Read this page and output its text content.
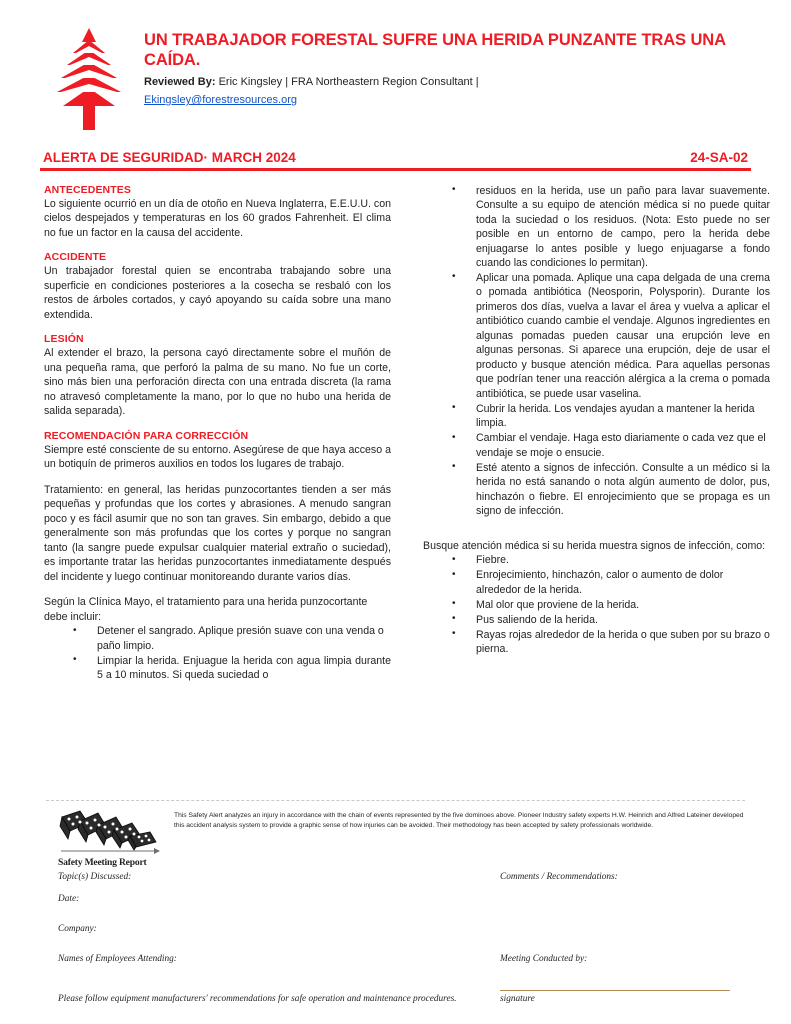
UN TRABAJADOR FORESTAL SUFRE UNA HERIDA PUNZANTE TRAS UNA CAÍDA.
Reviewed By: Eric Kingsley | FRA Northeastern Region Consultant |
Ekingsley@forestresources.org
ALERTA DE SEGURIDAD· MARCH 2024	24-SA-02
ANTECEDENTES
Lo siguiente ocurrió en un día de otoño en Nueva Inglaterra, E.E.U.U. con cielos despejados y temperaturas en los 60 grados Fahrenheit. El clima no fue un factor en la causa del accidente.
ACCIDENTE
Un trabajador forestal quien se encontraba trabajando sobre una superficie en condiciones posteriores a la cosecha se resbaló con los restos de árboles cortados, y cayó apoyando su caída sobre una mano extendida.
LESIÓN
Al extender el brazo, la persona cayó directamente sobre el muñón de una pequeña rama, que perforó la palma de su mano. No fue un corte, sino más bien una perforación directa con una entrada discreta (la rama no atravesó completamente la mano, por lo que no hubo una herida de salida separada).
RECOMENDACIÓN PARA CORRECCIÓN
Siempre esté consciente de su entorno. Asegúrese de que haya acceso a un botiquín de primeros auxilios en todos los lugares de trabajo.
Tratamiento: en general, las heridas punzocortantes tienden a ser más pequeñas y profundas que los cortes y abrasiones. A menudo sangran poco y es fácil asumir que no son tan graves. Sin embargo, debido a que generalmente son más profundas que los cortes y porque no sangran tanto (la sangre puede expulsar cualquier material extraño o suciedad), es importante tratar las heridas punzocortantes inmediatamente después del incidente y luego continuar monitoreando durante varios días.
Según la Clínica Mayo, el tratamiento para una herida punzocortante debe incluir:
• Detener el sangrado. Aplique presión suave con una venda o paño limpio.
• Limpiar la herida. Enjuague la herida con agua limpia durante 5 a 10 minutos. Si queda suciedad o
• residuos en la herida, use un paño para lavar suavemente. Consulte a su equipo de atención médica si no puede quitar toda la suciedad o los residuos. (Nota: Esto puede no ser posible en un entorno de campo, pero la herida debe enjuagarse lo antes posible y luego enjuagarse a fondo cuando las condiciones lo permitan).
• Aplicar una pomada. Aplique una capa delgada de una crema o pomada antibiótica (Neosporin, Polysporin). Durante los primeros dos días, vuelva a lavar el área y vuelva a aplicar el antibiótico cuando cambie el vendaje. Algunos ingredientes en algunas pomadas pueden causar una erupción leve en algunas personas. Si aparece una erupción, deje de usar el producto y busque atención médica. Para aquellas personas que podrían tener una reacción alérgica a la crema o pomada antibiótica, se puede usar vaselina.
• Cubrir la herida. Los vendajes ayudan a mantener la herida limpia.
• Cambiar el vendaje. Haga esto diariamente o cada vez que el vendaje se moje o ensucie.
• Esté atento a signos de infección. Consulte a un médico si la herida no está sanando o nota algún aumento de dolor, pus, hinchazón o fiebre. El enrojecimiento que se propaga es un signo de infección.
Busque atención médica si su herida muestra signos de infección, como:
• Fiebre.
• Enrojecimiento, hinchazón, calor o aumento de dolor alrededor de la herida.
• Mal olor que proviene de la herida.
• Pus saliendo de la herida.
• Rayas rojas alrededor de la herida o que suben por su brazo o pierna.
Safety Meeting Report
This Safety Alert analyzes an injury in accordance with the chain of events represented by the five dominoes above. Pioneer Industry safety experts H.W. Heinrich and Alfred Lateiner developed this accident analysis system to provide a graphic sense of how injuries can be avoided. Their methodology has been accepted by safety professionals worldwide.
Topic(s) Discussed:
Date:
Company:
Names of Employees Attending:
Comments / Recommendations:
Meeting Conducted by:
signature
Please follow equipment manufacturers' recommendations for safe operation and maintenance procedures.
